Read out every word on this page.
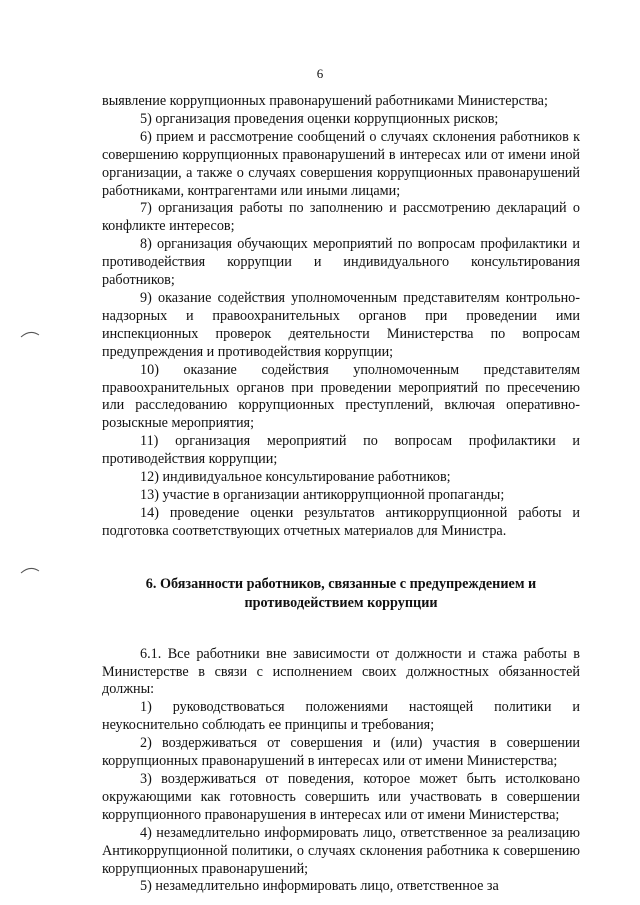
6

выявление коррупционных правонарушений работниками Министерства;

5) организация проведения оценки коррупционных рисков;

6) прием и рассмотрение сообщений о случаях склонения работников к совершению коррупционных правонарушений в интересах или от имени иной организации, а также о случаях совершения коррупционных правонарушений работниками, контрагентами или иными лицами;

7) организация работы по заполнению и рассмотрению деклараций о конфликте интересов;

8) организация обучающих мероприятий по вопросам профилактики и противодействия коррупции и индивидуального консультирования работников;

9) оказание содействия уполномоченным представителям контрольно-надзорных и правоохранительных органов при проведении ими инспекционных проверок деятельности Министерства по вопросам предупреждения и противодействия коррупции;

10) оказание содействия уполномоченным представителям правоохранительных органов при проведении мероприятий по пресечению или расследованию коррупционных преступлений, включая оперативно-розыскные мероприятия;

11) организация мероприятий по вопросам профилактики и противодействия коррупции;

12) индивидуальное консультирование работников;

13) участие в организации антикоррупционной пропаганды;

14) проведение оценки результатов антикоррупционной работы и подготовка соответствующих отчетных материалов для Министра.

6. Обязанности работников, связанные с предупреждением и
противодействием коррупции

6.1. Все работники вне зависимости от должности и стажа работы в Министерстве в связи с исполнением своих должностных обязанностей должны:

1) руководствоваться положениями настоящей политики и неукоснительно соблюдать ее принципы и требования;

2) воздерживаться от совершения и (или) участия в совершении коррупционных правонарушений в интересах или от имени Министерства;

3) воздерживаться от поведения, которое может быть истолковано окружающими как готовность совершить или участвовать в совершении коррупционного правонарушения в интересах или от имени Министерства;

4) незамедлительно информировать лицо, ответственное за реализацию Антикоррупционной политики, о случаях склонения работника к совершению коррупционных правонарушений;

5) незамедлительно информировать лицо, ответственное за
